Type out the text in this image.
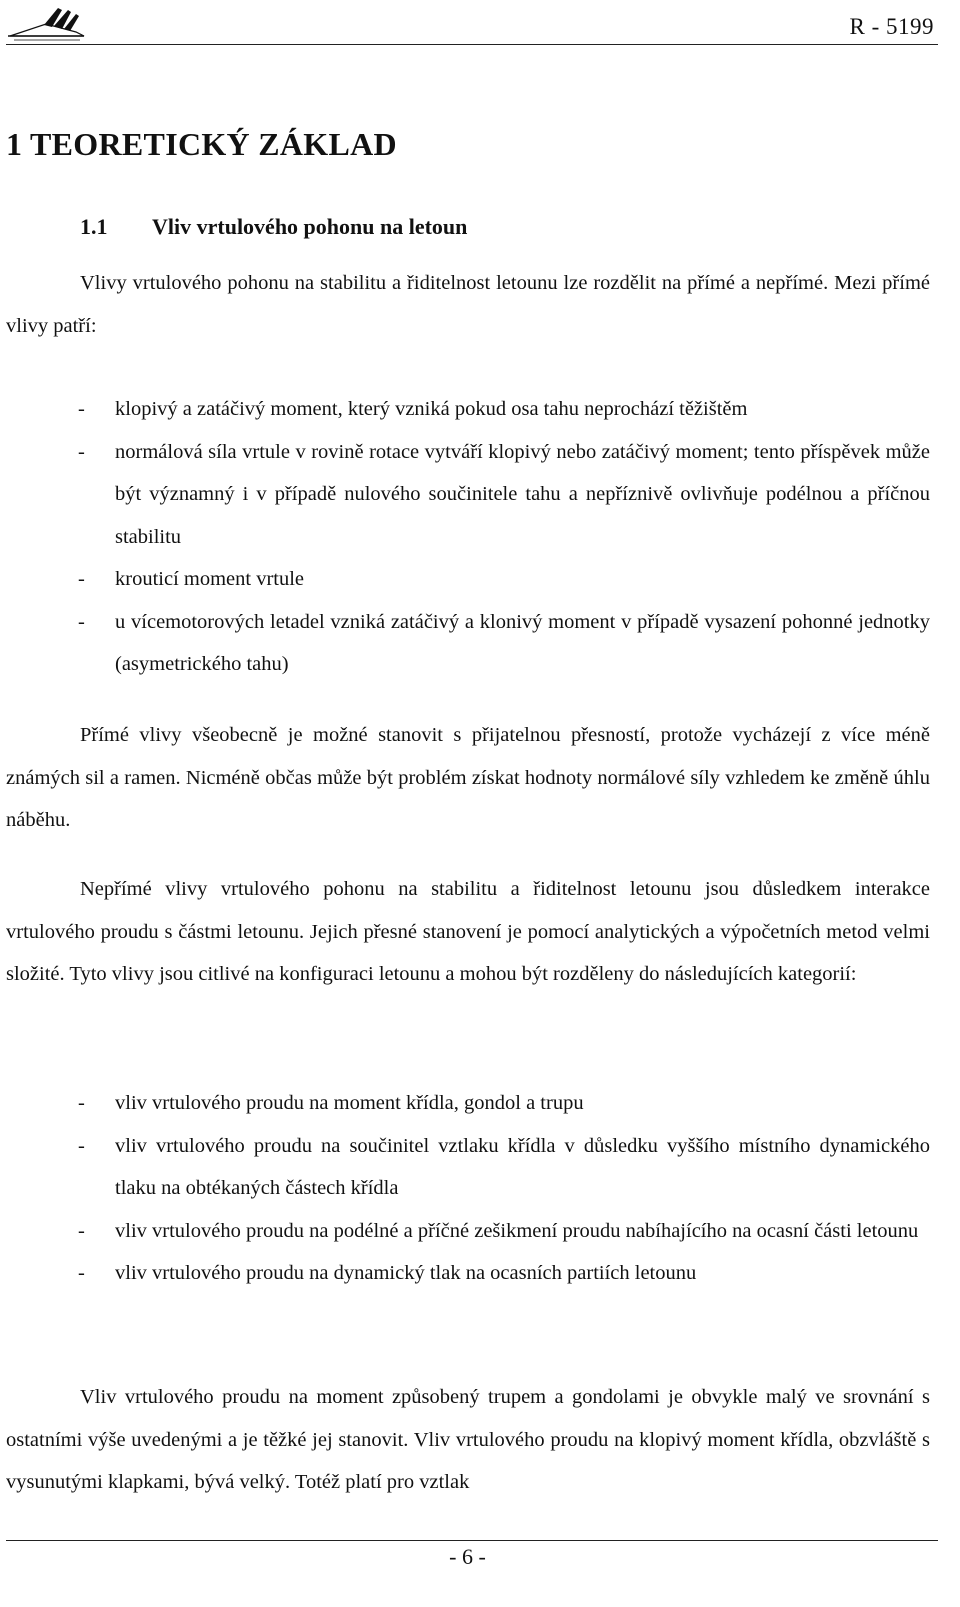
R - 5199
1 TEORETICKÝ ZÁKLAD
1.1 Vliv vrtulového pohonu na letoun

Vlivy vrtulového pohonu na stabilitu a řiditelnost letounu lze rozdělit na přímé a nepřímé. Mezi přímé vlivy patří:

- klopivý a zatáčivý moment, který vzniká pokud osa tahu neprochází těžištěm
- normálová síla vrtule v rovině rotace vytváří klopivý nebo zatáčivý moment; tento příspěvek může být významný i v případě nulového součinitele tahu a nepříznivě ovlivňuje podélnou a příčnou stabilitu
- krouticí moment vrtule
- u vícemotorových letadel vzniká zatáčivý a klonivý moment v případě vysazení pohonné jednotky (asymetrického tahu)

Přímé vlivy všeobecně je možné stanovit s přijatelnou přesností, protože vycházejí z více méně známých sil a ramen. Nicméně občas může být problém získat hodnoty normálové síly vzhledem ke změně úhlu náběhu.

Nepřímé vlivy vrtulového pohonu na stabilitu a řiditelnost letounu jsou důsledkem interakce vrtulového proudu s částmi letounu. Jejich přesné stanovení je pomocí analytických a výpočetních metod velmi složité. Tyto vlivy jsou citlivé na konfiguraci letounu a mohou být rozděleny do následujících kategorií:

- vliv vrtulového proudu na moment křídla, gondol a trupu
- vliv vrtulového proudu na součinitel vztlaku křídla v důsledku vyššího místního dynamického tlaku na obtékaných částech křídla
- vliv vrtulového proudu na podélné a příčné zešikmení proudu nabíhajícího na ocasní části letounu
- vliv vrtulového proudu na dynamický tlak na ocasních partiích letounu

Vliv vrtulového proudu na moment způsobený trupem a gondolami je obvykle malý ve srovnání s ostatními výše uvedenými a je těžké jej stanovit. Vliv vrtulového proudu na klopivý moment křídla, obzvláště s vysunutými klapkami, bývá velký. Totéž platí pro vztlak

- 6 -
